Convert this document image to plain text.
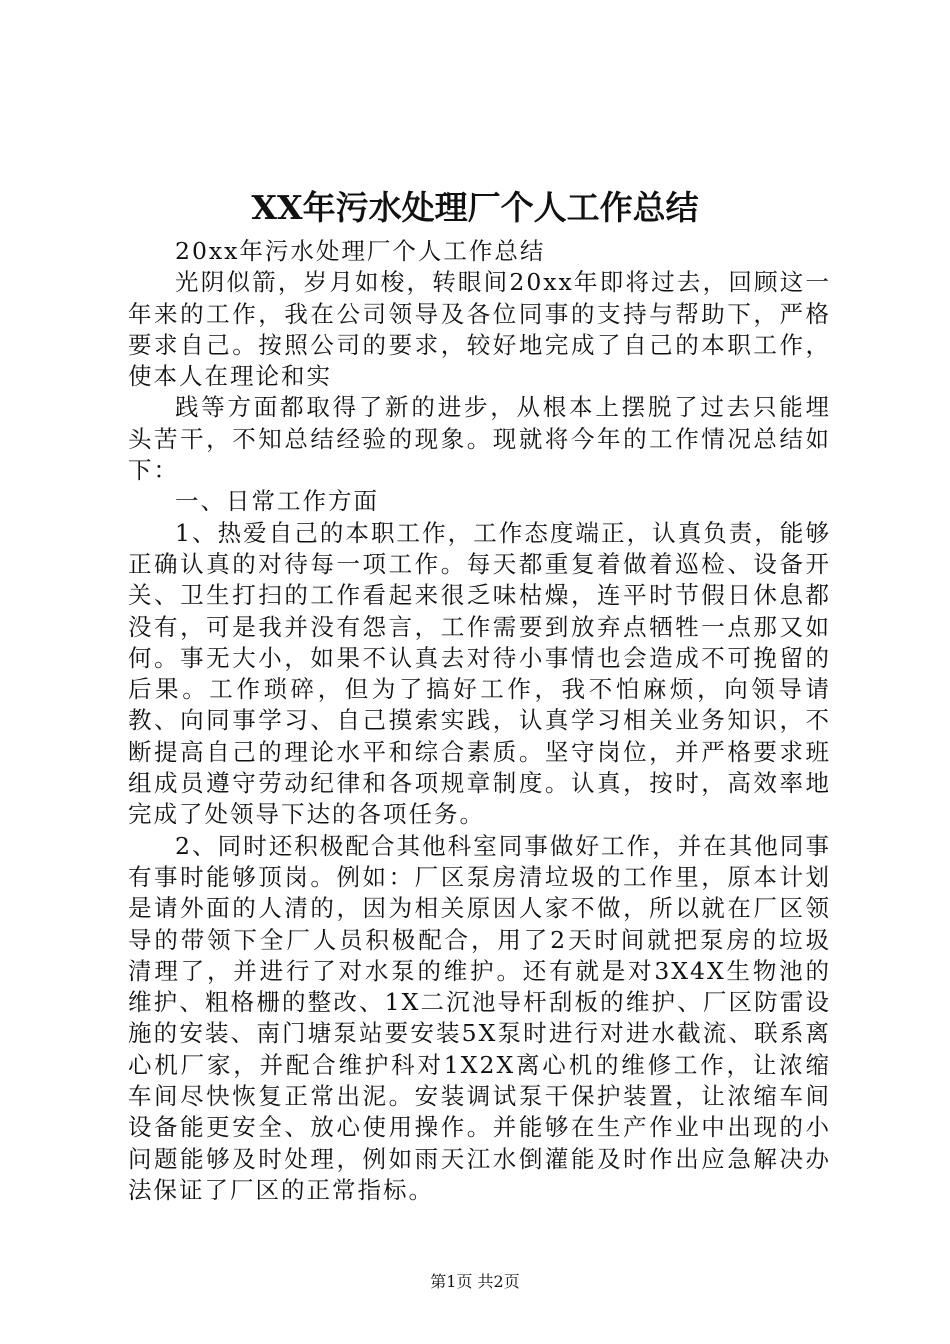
XX年污水处理厂个人工作总结

20xx年污水处理厂个人工作总结

光阴似箭，岁月如梭，转眼间20xx年即将过去，回顾这一年来的工作，我在公司领导及各位同事的支持与帮助下，严格要求自己。按照公司的要求，较好地完成了自己的本职工作，使本人在理论和实

践等方面都取得了新的进步，从根本上摆脱了过去只能埋头苦干，不知总结经验的现象。现就将今年的工作情况总结如下：

一、日常工作方面

1、热爱自己的本职工作，工作态度端正，认真负责，能够正确认真的对待每一项工作。每天都重复着做着巡检、设备开关、卫生打扫的工作看起来很乏味枯燥，连平时节假日休息都没有，可是我并没有怨言，工作需要到放弃点牺牲一点那又如何。事无大小，如果不认真去对待小事情也会造成不可挽留的后果。工作琐碎，但为了搞好工作，我不怕麻烦，向领导请教、向同事学习、自己摸索实践，认真学习相关业务知识，不断提高自己的理论水平和综合素质。坚守岗位，并严格要求班组成员遵守劳动纪律和各项规章制度。认真，按时，高效率地完成了处领导下达的各项任务。

2、同时还积极配合其他科室同事做好工作，并在其他同事有事时能够顶岗。例如：厂区泵房清垃圾的工作里，原本计划是请外面的人清的，因为相关原因人家不做，所以就在厂区领导的带领下全厂人员积极配合，用了2天时间就把泵房的垃圾清理了，并进行了对水泵的维护。还有就是对3X4X生物池的维护、粗格栅的整改、1X二沉池导杆刮板的维护、厂区防雷设施的安装、南门塘泵站要安装5X泵时进行对进水截流、联系离心机厂家，并配合维护科对1X2X离心机的维修工作，让浓缩车间尽快恢复正常出泥。安装调试泵干保护装置，让浓缩车间设备能更安全、放心使用操作。并能够在生产作业中出现的小问题能够及时处理，例如雨天江水倒灌能及时作出应急解决办法保证了厂区的正常指标。

第1页 共2页
